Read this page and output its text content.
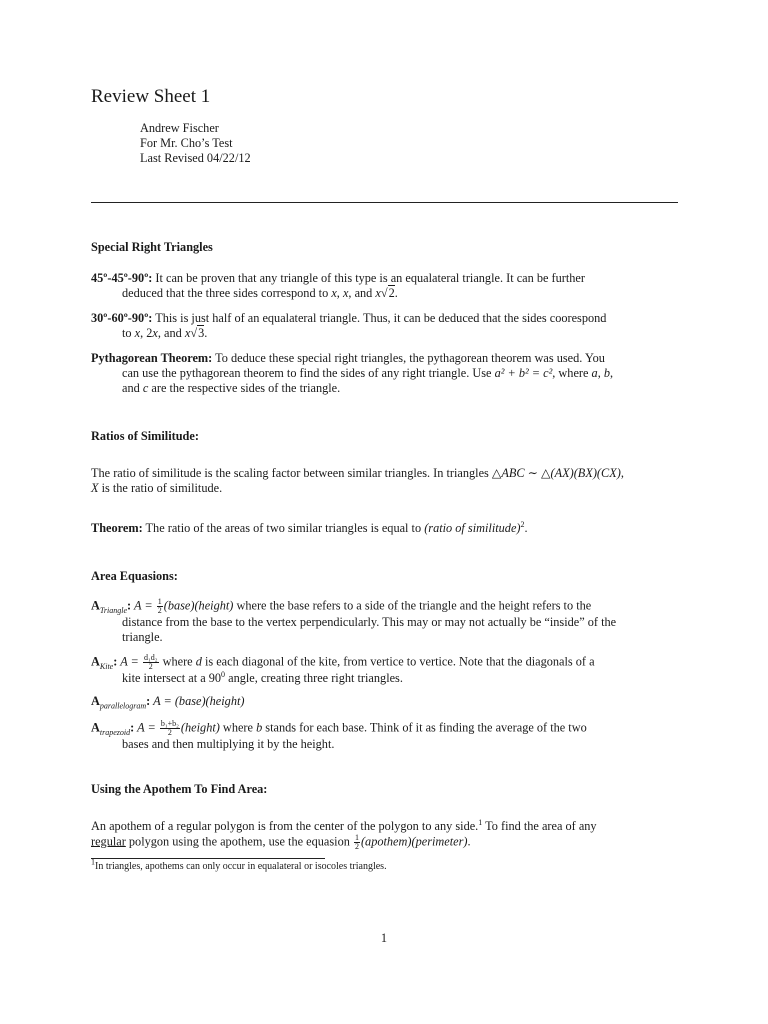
Review Sheet 1
Andrew Fischer
For Mr. Cho’s Test
Last Revised 04/22/12
Special Right Triangles
45º-45º-90º: It can be proven that any triangle of this type is an equalateral triangle. It can be further
deduced that the three sides correspond to x, x, and x√2.
30º-60º-90º: This is just half of an equalateral triangle. Thus, it can be deduced that the sides coorespond
to x, 2x, and x√3.
Pythagorean Theorem: To deduce these special right triangles, the pythagorean theorem was used. You
can use the pythagorean theorem to find the sides of any right triangle. Use a² + b² = c², where a, b,
and c are the respective sides of the triangle.
Ratios of Similitude:
The ratio of similitude is the scaling factor between similar triangles. In triangles △ABC ∼ △(AX)(BX)(CX),
X is the ratio of similitude.
Theorem: The ratio of the areas of two similar triangles is equal to (ratio of similitude)$^2$.
Area Equasions:
$A_{Triangle}$: $A = \frac{1}{2}$ (base)(height) where the base refers to a side of the triangle and the height refers to the
distance from the base to the vertex perpendicularly. This may or may not actually be “inside” of the
triangle.
$A_{Kite}$: $A = \frac{\text{d₁d₂}}{2}$ where d is each diagonal of the kite, from vertice to vertice. Note that the diagonals of a
kite intersect at a $90^0$ angle, creating three right triangles.
$A_{parallelogram}$: A = (base)(height)
$A_{trapezoid}$: $A = \frac{\text{b₁+b₂}}{2}$ (height) where b stands for each base. Think of it as finding the average of the two
bases and then multiplying it by the height.
Using the Apothem To Find Area:
An apothem of a regular polygon is from the center of the polygon to any side.$^1$ To find the area of any
regular polygon using the apothem, use the equasion $\frac{1}{2}$ (apothem)(perimeter).
$^1$In triangles, apothems can only occur in equalateral or isocoles triangles.
1
